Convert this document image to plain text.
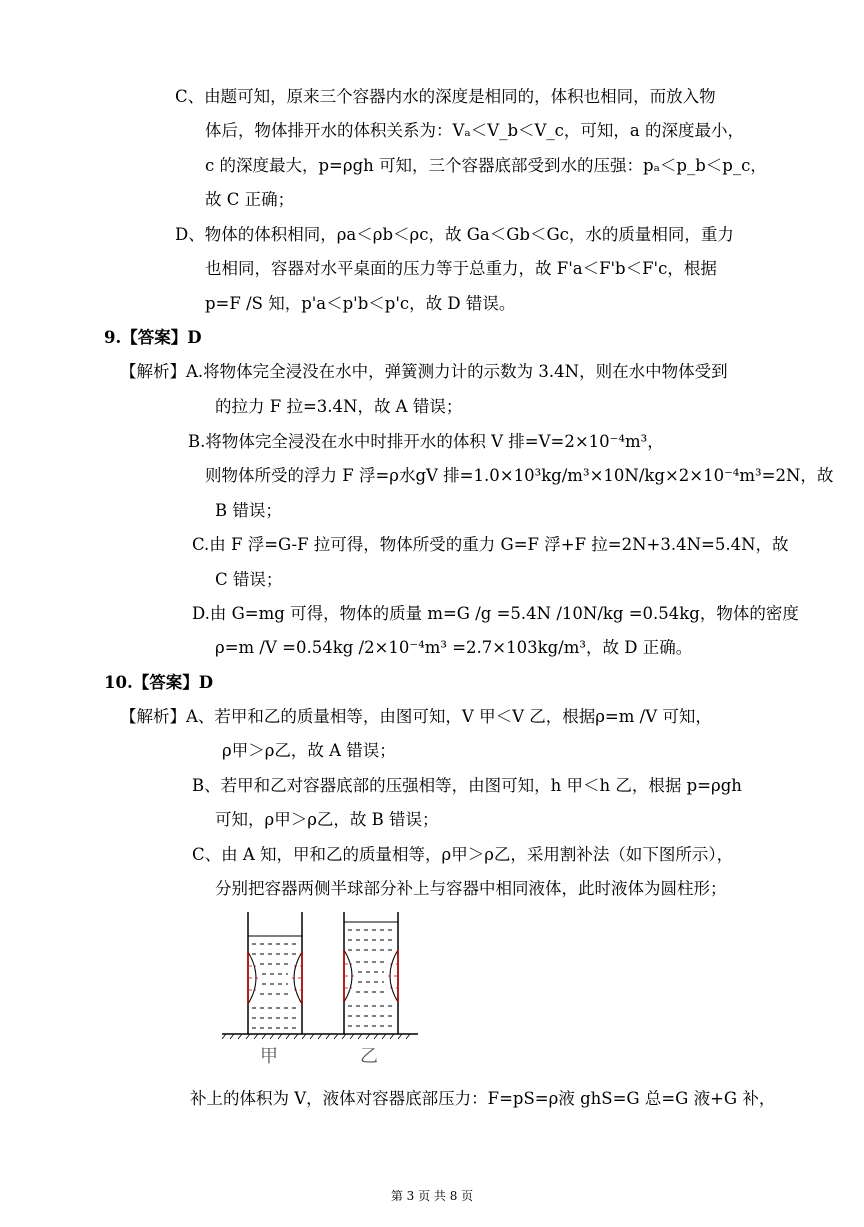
C、由题可知，原来三个容器内水的深度是相同的，体积也相同，而放入物
体后，物体排开水的体积关系为：Vₐ＜V_b＜V_c，可知，a 的深度最小，
c 的深度最大，p=ρgh 可知，三个容器底部受到水的压强：pₐ＜p_b＜p_c，
故 C 正确；
D、物体的体积相同，ρa＜ρb＜ρc，故 Ga＜Gb＜Gc，水的质量相同，重力
也相同，容器对水平桌面的压力等于总重力，故 F'a＜F'b＜F'c，根据
p=F /S 知，p'a＜p'b＜p'c，故 D 错误。
9.【答案】D
【解析】A.将物体完全浸没在水中，弹簧测力计的示数为 3.4N，则在水中物体受到
的拉力 F 拉=3.4N，故 A 错误；
B.将物体完全浸没在水中时排开水的体积 V 排=V=2×10⁻⁴m³，
则物体所受的浮力 F 浮=ρ水gV 排=1.0×10³kg/m³×10N/kg×2×10⁻⁴m³=2N，故
B 错误；
C.由 F 浮=G-F 拉可得，物体所受的重力 G=F 浮+F 拉=2N+3.4N=5.4N，故
C 错误；
D.由 G=mg 可得，物体的质量 m=G /g =5.4N /10N/kg =0.54kg，物体的密度
ρ=m /V =0.54kg /2×10⁻⁴m³ =2.7×103kg/m³，故 D 正确。
10.【答案】D
【解析】A、若甲和乙的质量相等，由图可知，V 甲＜V 乙，根据ρ=m /V 可知，
ρ甲＞ρ乙，故 A 错误；
B、若甲和乙对容器底部的压强相等，由图可知，h 甲＜h 乙，根据 p=ρgh
可知，ρ甲＞ρ乙，故 B 错误；
C、由 A 知，甲和乙的质量相等，ρ甲＞ρ乙，采用割补法（如下图所示），
分别把容器两侧半球部分补上与容器中相同液体，此时液体为圆柱形；
甲	乙
补上的体积为 V，液体对容器底部压力：F=pS=ρ液 ghS=G 总=G 液+G 补，
第 3 页 共 8 页
